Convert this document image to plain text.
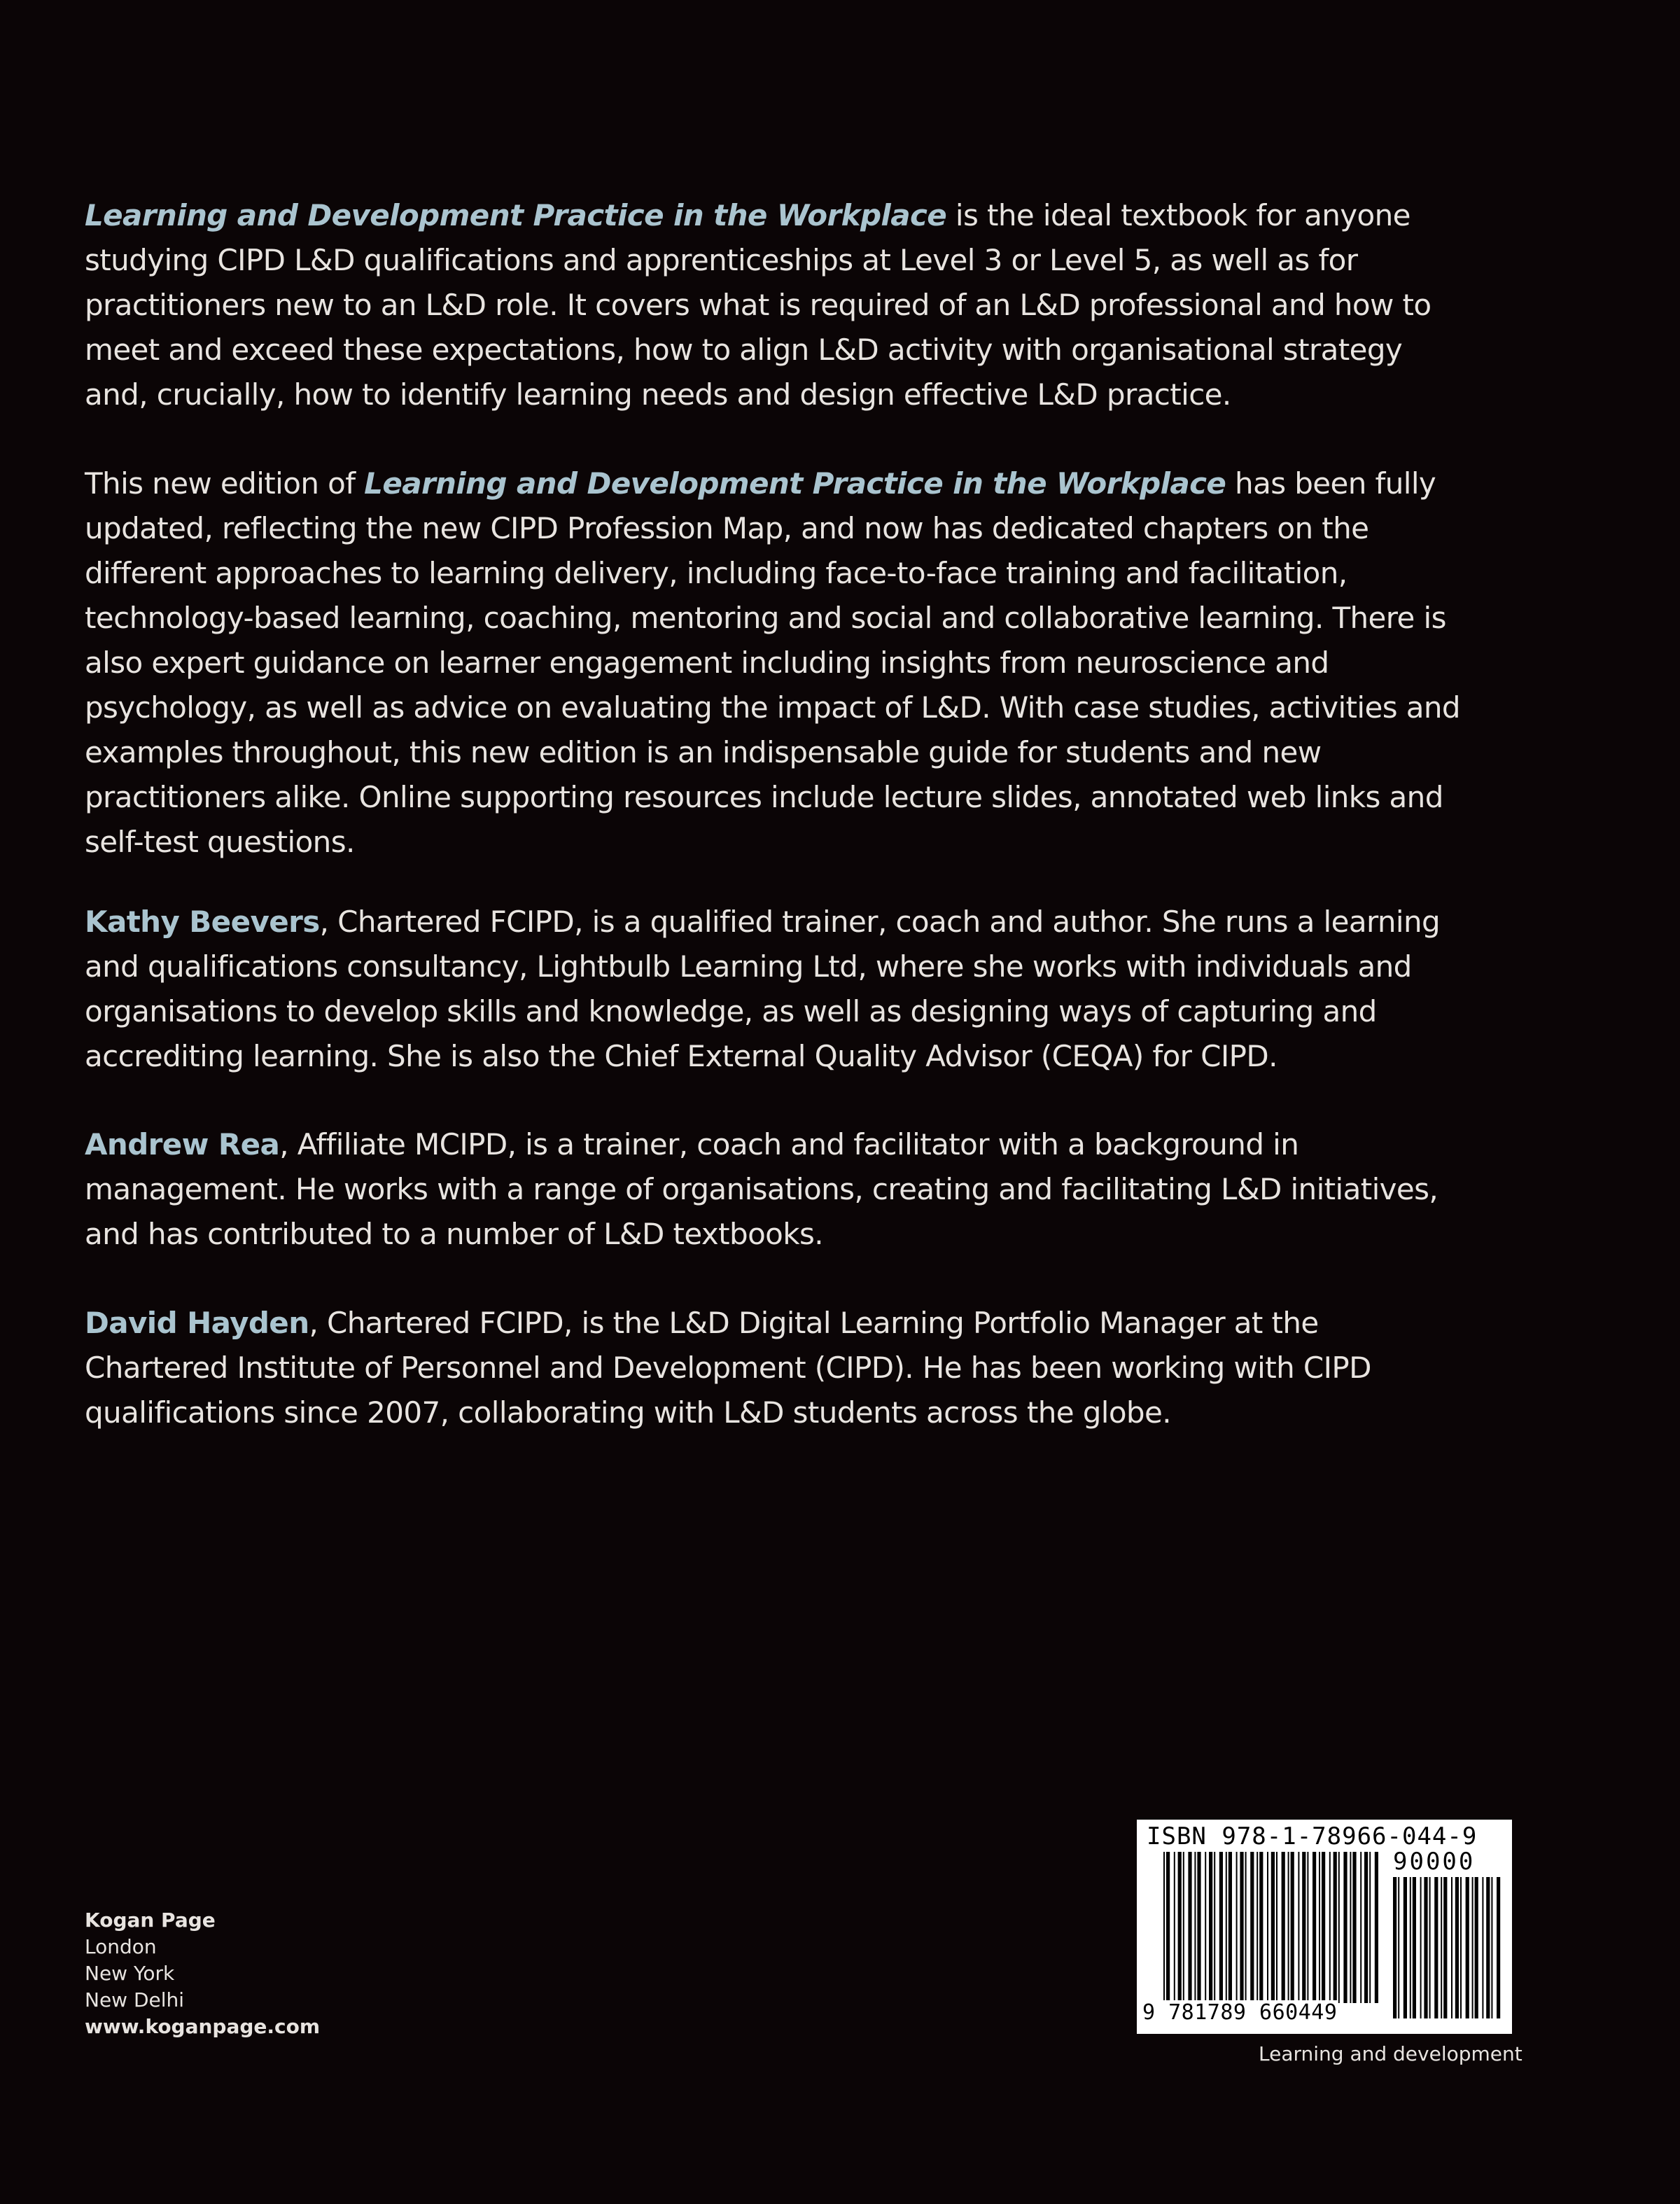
Learning and Development Practice in the Workplace is the ideal textbook for anyone studying CIPD L&D qualifications and apprenticeships at Level 3 or Level 5, as well as for practitioners new to an L&D role. It covers what is required of an L&D professional and how to meet and exceed these expectations, how to align L&D activity with organisational strategy and, crucially, how to identify learning needs and design effective L&D practice.

This new edition of Learning and Development Practice in the Workplace has been fully updated, reflecting the new CIPD Profession Map, and now has dedicated chapters on the different approaches to learning delivery, including face-to-face training and facilitation, technology-based learning, coaching, mentoring and social and collaborative learning. There is also expert guidance on learner engagement including insights from neuroscience and psychology, as well as advice on evaluating the impact of L&D. With case studies, activities and examples throughout, this new edition is an indispensable guide for students and new practitioners alike. Online supporting resources include lecture slides, annotated web links and self-test questions.

Kathy Beevers, Chartered FCIPD, is a qualified trainer, coach and author. She runs a learning and qualifications consultancy, Lightbulb Learning Ltd, where she works with individuals and organisations to develop skills and knowledge, as well as designing ways of capturing and accrediting learning. She is also the Chief External Quality Advisor (CEQA) for CIPD.

Andrew Rea, Affiliate MCIPD, is a trainer, coach and facilitator with a background in management. He works with a range of organisations, creating and facilitating L&D initiatives, and has contributed to a number of L&D textbooks.

David Hayden, Chartered FCIPD, is the L&D Digital Learning Portfolio Manager at the Chartered Institute of Personnel and Development (CIPD). He has been working with CIPD qualifications since 2007, collaborating with L&D students across the globe.

Kogan Page
London
New York
New Delhi
www.koganpage.com
ISBN 978-1-78966-044-9
90000
9 781789 660449
Learning and development
